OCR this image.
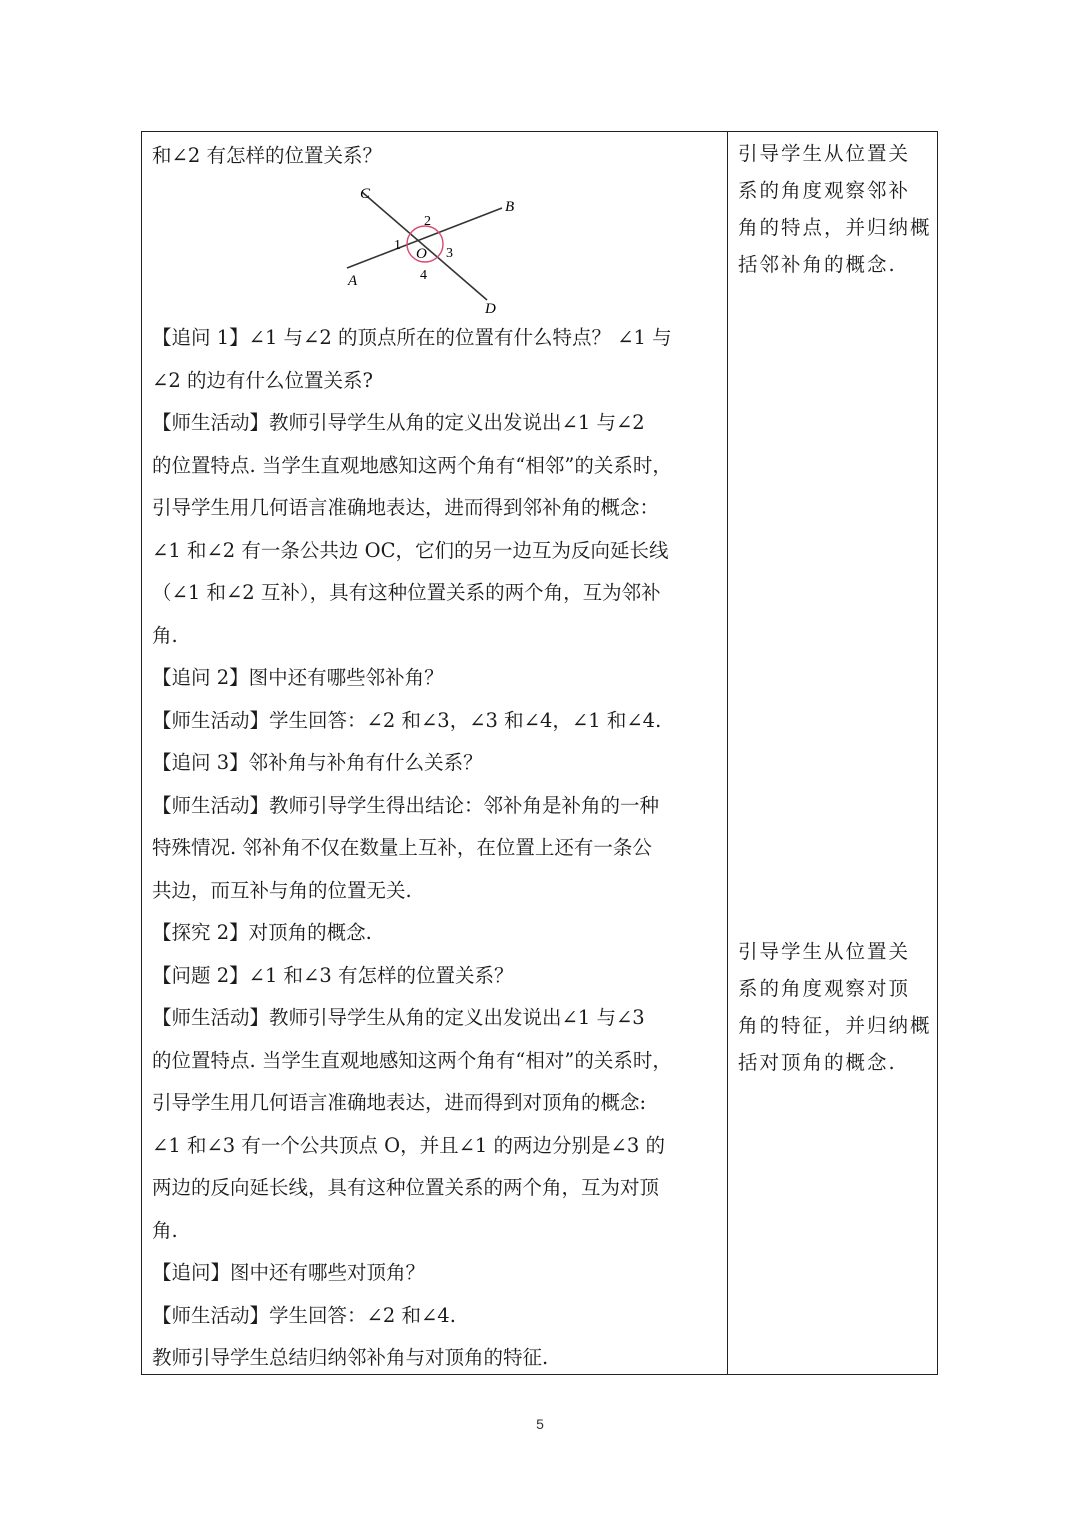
和∠2 有怎样的位置关系？
C
B
A
D
O
2
1
3
4
【追问 1】∠1 与∠2 的顶点所在的位置有什么特点？ ∠1 与
∠2 的边有什么位置关系?
【师生活动】教师引导学生从角的定义出发说出∠1 与∠2
的位置特点. 当学生直观地感知这两个角有“相邻”的关系时，
引导学生用几何语言准确地表达，进而得到邻补角的概念：
∠1 和∠2 有一条公共边 OC，它们的另一边互为反向延长线
（∠1 和∠2 互补），具有这种位置关系的两个角，互为邻补
角.
【追问 2】图中还有哪些邻补角？
【师生活动】学生回答：∠2 和∠3，∠3 和∠4，∠1 和∠4.
【追问 3】邻补角与补角有什么关系？
【师生活动】教师引导学生得出结论：邻补角是补角的一种
特殊情况. 邻补角不仅在数量上互补，在位置上还有一条公
共边，而互补与角的位置无关.
【探究 2】对顶角的概念.
【问题 2】∠1 和∠3 有怎样的位置关系？
【师生活动】教师引导学生从角的定义出发说出∠1 与∠3
的位置特点. 当学生直观地感知这两个角有“相对”的关系时，
引导学生用几何语言准确地表达，进而得到对顶角的概念:
∠1 和∠3 有一个公共顶点 O，并且∠1 的两边分别是∠3 的
两边的反向延长线，具有这种位置关系的两个角，互为对顶
角.
【追问】图中还有哪些对顶角？
【师生活动】学生回答：∠2 和∠4.
教师引导学生总结归纳邻补角与对顶角的特征.
引导学生从位置关
系的角度观察邻补
角的特点，并归纳概
括邻补角的概念.
引导学生从位置关
系的角度观察对顶
角的特征，并归纳概
括对顶角的概念.
5
